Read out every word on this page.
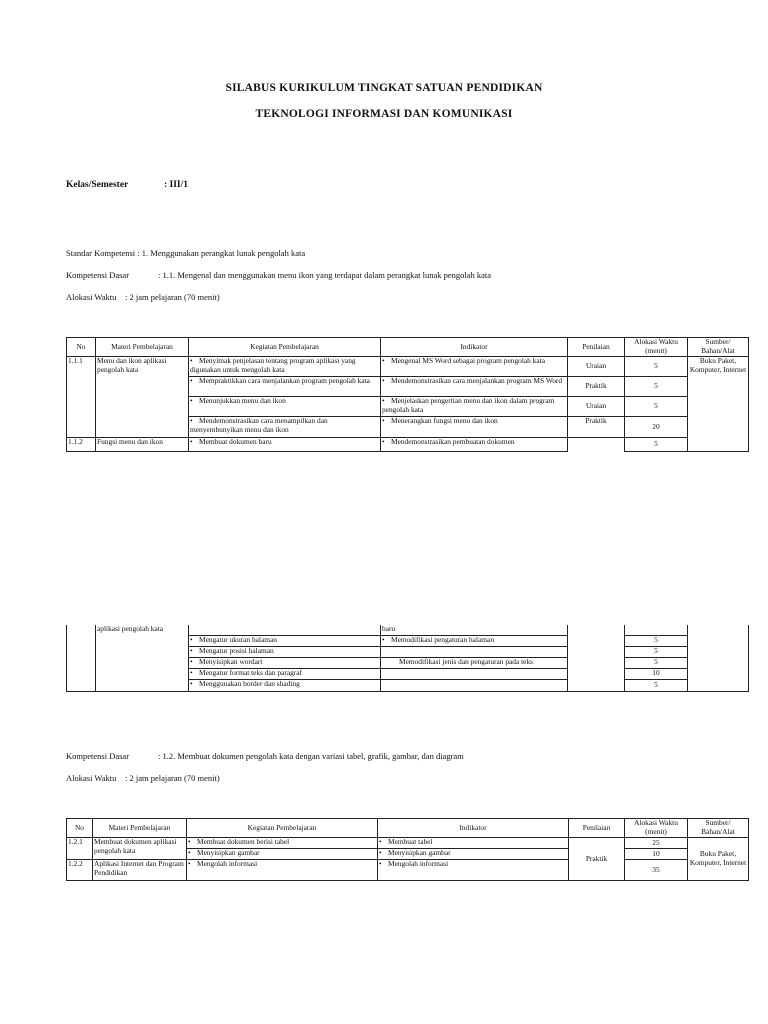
SILABUS KURIKULUM TINGKAT SATUAN PENDIDIKAN
TEKNOLOGI INFORMASI DAN KOMUNIKASI
Kelas/Semester	: III/1
Standar Kompetensi : 1. Menggunakan perangkat lunak pengolah kata
Kompetensi Dasar	: 1.1. Mengenal dan menggunakan menu ikon yang terdapat dalam perangkat lunak pengolah kata
Alokasi Waktu : 2 jam pelajaran (70 menit)
No	Materi Pembelajaran	Kegiatan Pembelajaran	Indikator	Penilaian	Alokasi Waktu (menit)	Sumber/ Bahan/Alat
1.1.1	Menu dan ikon aplikasi pengolah kata	• Menyimak penjelasan tentang program aplikasi yang digunakan untuk mengolah kata	• Mengenal MS Word sebagai program pengolah kata	Uraian	5	Buku Paket, Komputer, Internet
		• Mempraktikkan cara menjalankan program pengolah kata	• Mendemonstrasikan cara menjalankan program MS Word	Praktik	5	
		• Menunjukkan menu dan ikon	• Menjelaskan pengertian menu dan ikon dalam program pengolah kata	Uraian	5	
		• Mendemonstrasikan cara menampilkan dan menyembunyikan menu dan ikon	• Menerangkan fungsi menu dan ikon	Praktik	20	
1.1.2	Fungsi menu dan ikon	• Membuat dokumen baru	• Mendemonstrasikan pembuatan dokumen		5	
	aplikasi pengolah kata		baru			
		• Mengatur ukuran halaman	• Memodifikasi pengaturan halaman		5	
		• Mengatur posisi halaman			5	
		• Menyisipkan wordart	Memodifikasi jenis dan pengaturan pada teks		5	
		• Mengatur format teks dan paragraf			10	
		• Menggunakan border dan shading			5	
Kompetensi Dasar	: 1.2. Membuat dokumen pengolah kata dengan variasi tabel, grafik, gambar, dan diagram
Alokasi Waktu : 2 jam pelajaran (70 menit)
No	Materi Pembelajaran	Kegiatan Pembelajaran	Indikator	Penilaian	Alokasi Waktu (menit)	Sumber/ Bahan/Alat
1.2.1	Membuat dokumen aplikasi pengolah kata	• Membuat dokumen berisi tabel	• Membuat tabel	Praktik	25	Buku Paket, Komputer, Internet
		• Menyisipkan gambar	• Menyisipkan gambar		10	
1.2.2	Aplikasi Internet dan Program Pendidikan	• Mengolah informasi	• Mengolah informasi		35	
